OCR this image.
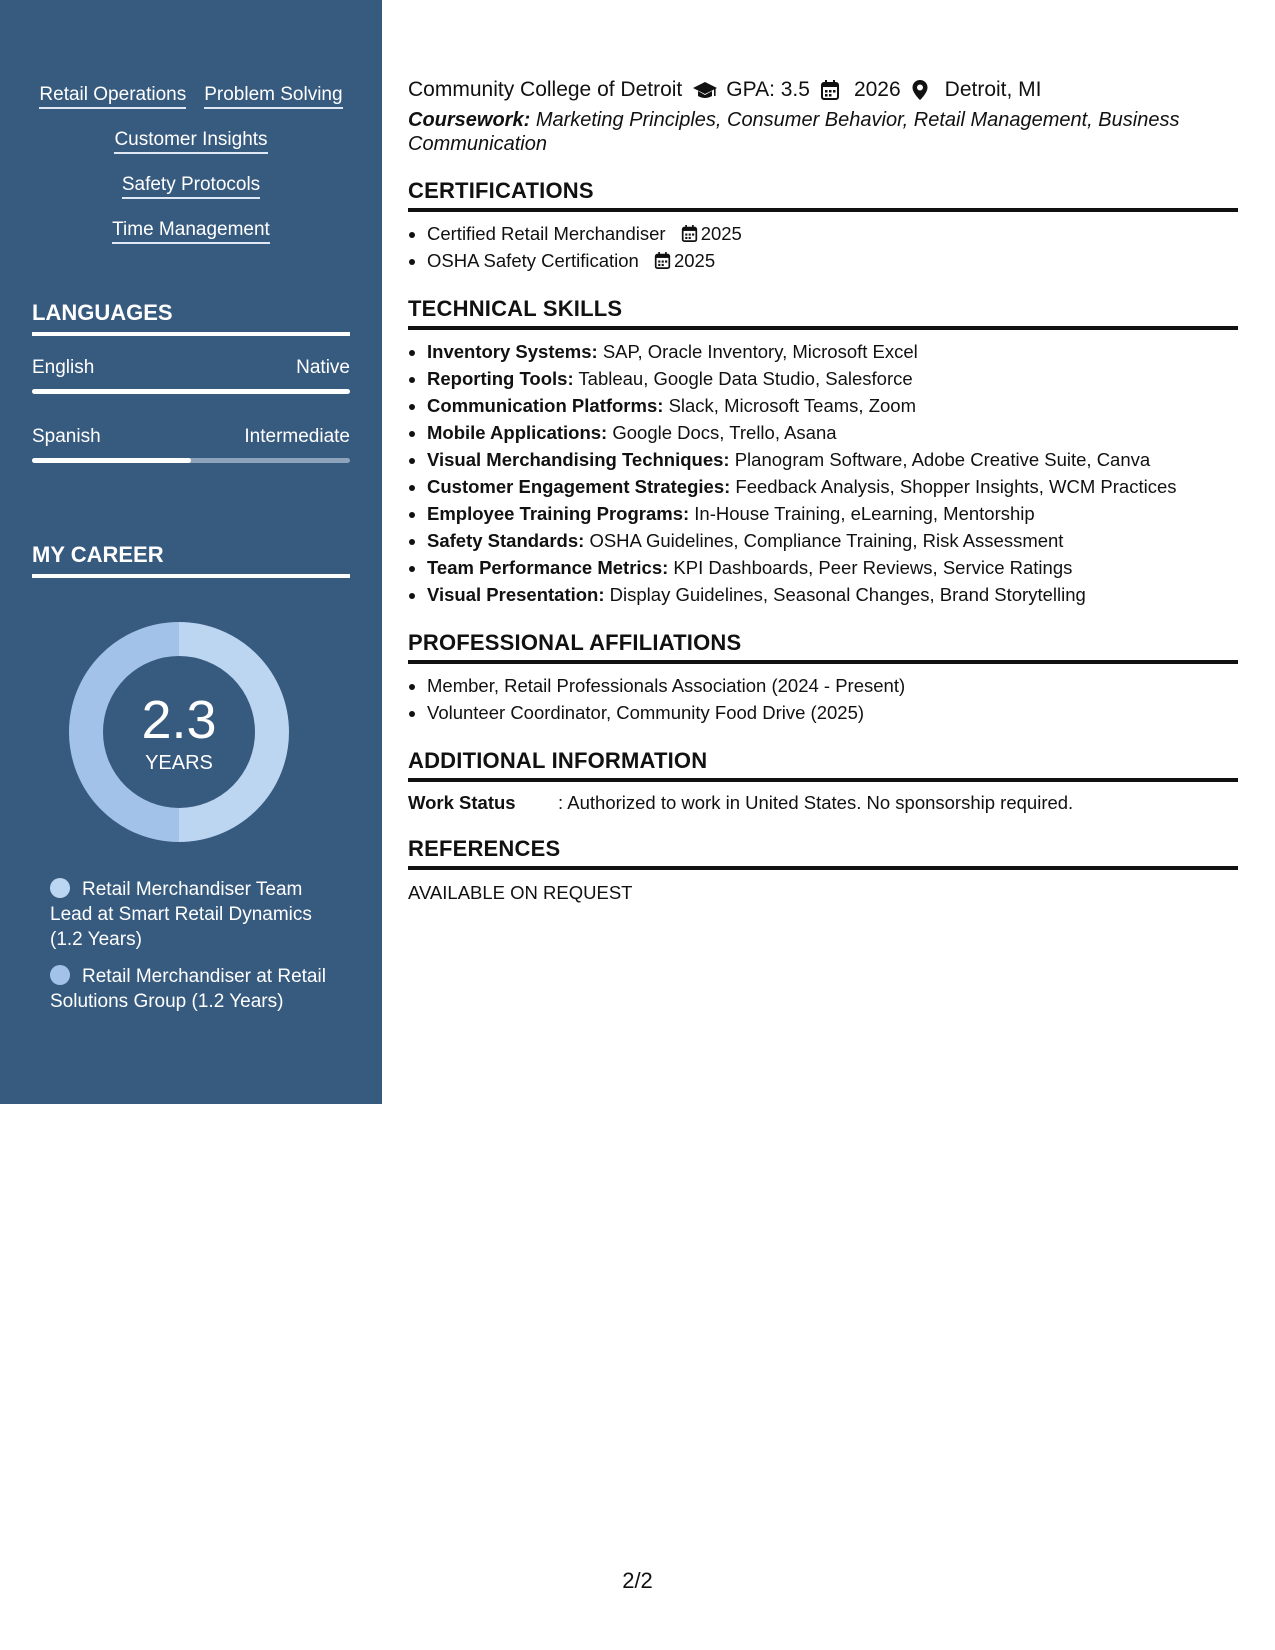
Retail Operations Problem Solving
Customer Insights
Safety Protocols
Time Management
LANGUAGES
English	Native
Spanish	Intermediate
MY CAREER
2.3
YEARS
Retail Merchandiser Team Lead at Smart Retail Dynamics (1.2 Years)
Retail Merchandiser at Retail Solutions Group (1.2 Years)
Community College of Detroit GPA: 3.5 2026 Detroit, MI
Coursework: Marketing Principles, Consumer Behavior, Retail Management, Business Communication
CERTIFICATIONS
• Certified Retail Merchandiser 2025
• OSHA Safety Certification 2025
TECHNICAL SKILLS
• Inventory Systems: SAP, Oracle Inventory, Microsoft Excel
• Reporting Tools: Tableau, Google Data Studio, Salesforce
• Communication Platforms: Slack, Microsoft Teams, Zoom
• Mobile Applications: Google Docs, Trello, Asana
• Visual Merchandising Techniques: Planogram Software, Adobe Creative Suite, Canva
• Customer Engagement Strategies: Feedback Analysis, Shopper Insights, WCM Practices
• Employee Training Programs: In-House Training, eLearning, Mentorship
• Safety Standards: OSHA Guidelines, Compliance Training, Risk Assessment
• Team Performance Metrics: KPI Dashboards, Peer Reviews, Service Ratings
• Visual Presentation: Display Guidelines, Seasonal Changes, Brand Storytelling
PROFESSIONAL AFFILIATIONS
• Member, Retail Professionals Association (2024 - Present)
• Volunteer Coordinator, Community Food Drive (2025)
ADDITIONAL INFORMATION
Work Status	: Authorized to work in United States. No sponsorship required.
REFERENCES
AVAILABLE ON REQUEST
2/2
